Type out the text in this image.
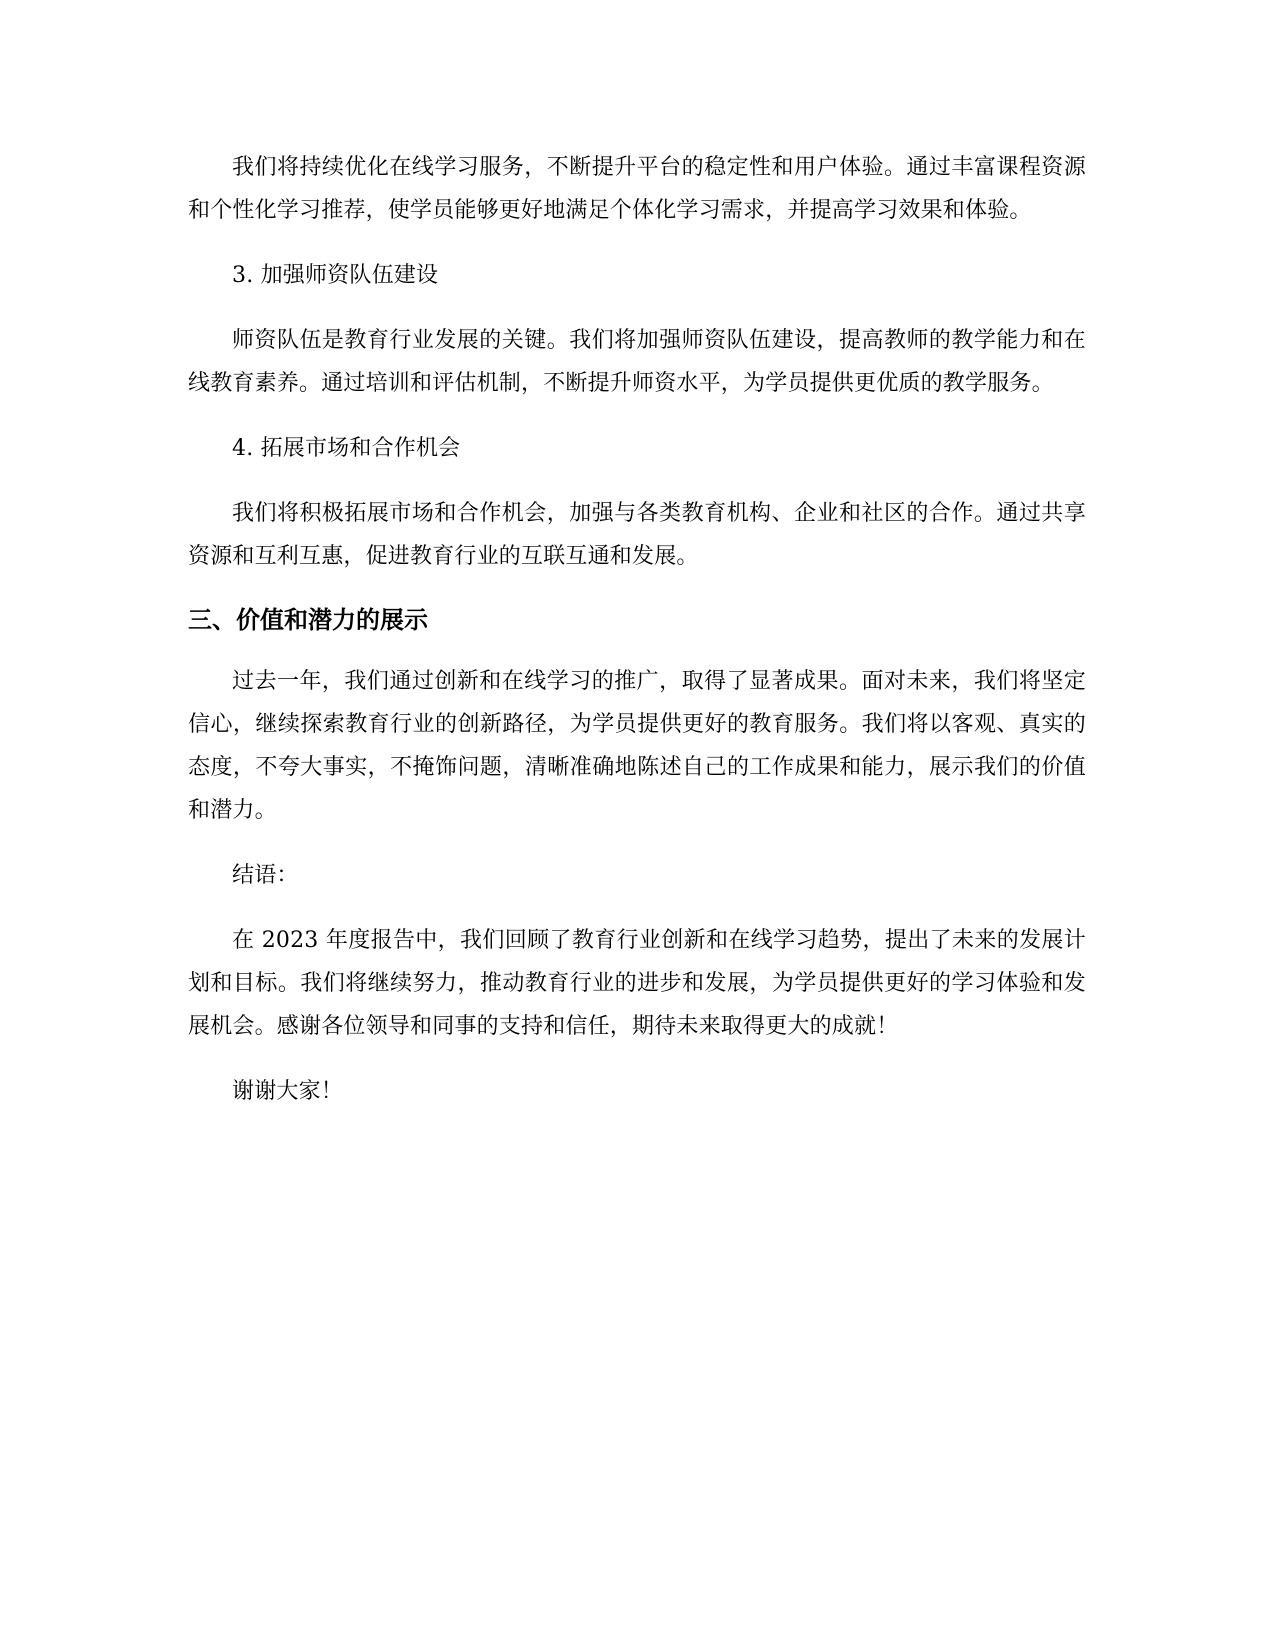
我们将持续优化在线学习服务，不断提升平台的稳定性和用户体验。通过丰富课程资源和个性化学习推荐，使学员能够更好地满足个体化学习需求，并提高学习效果和体验。

3. 加强师资队伍建设

师资队伍是教育行业发展的关键。我们将加强师资队伍建设，提高教师的教学能力和在线教育素养。通过培训和评估机制，不断提升师资水平，为学员提供更优质的教学服务。

4. 拓展市场和合作机会

我们将积极拓展市场和合作机会，加强与各类教育机构、企业和社区的合作。通过共享资源和互利互惠，促进教育行业的互联互通和发展。

三、价值和潜力的展示

过去一年，我们通过创新和在线学习的推广，取得了显著成果。面对未来，我们将坚定信心，继续探索教育行业的创新路径，为学员提供更好的教育服务。我们将以客观、真实的态度，不夸大事实，不掩饰问题，清晰准确地陈述自己的工作成果和能力，展示我们的价值和潜力。

结语：

在 2023 年度报告中，我们回顾了教育行业创新和在线学习趋势，提出了未来的发展计划和目标。我们将继续努力，推动教育行业的进步和发展，为学员提供更好的学习体验和发展机会。感谢各位领导和同事的支持和信任，期待未来取得更大的成就！

谢谢大家！
